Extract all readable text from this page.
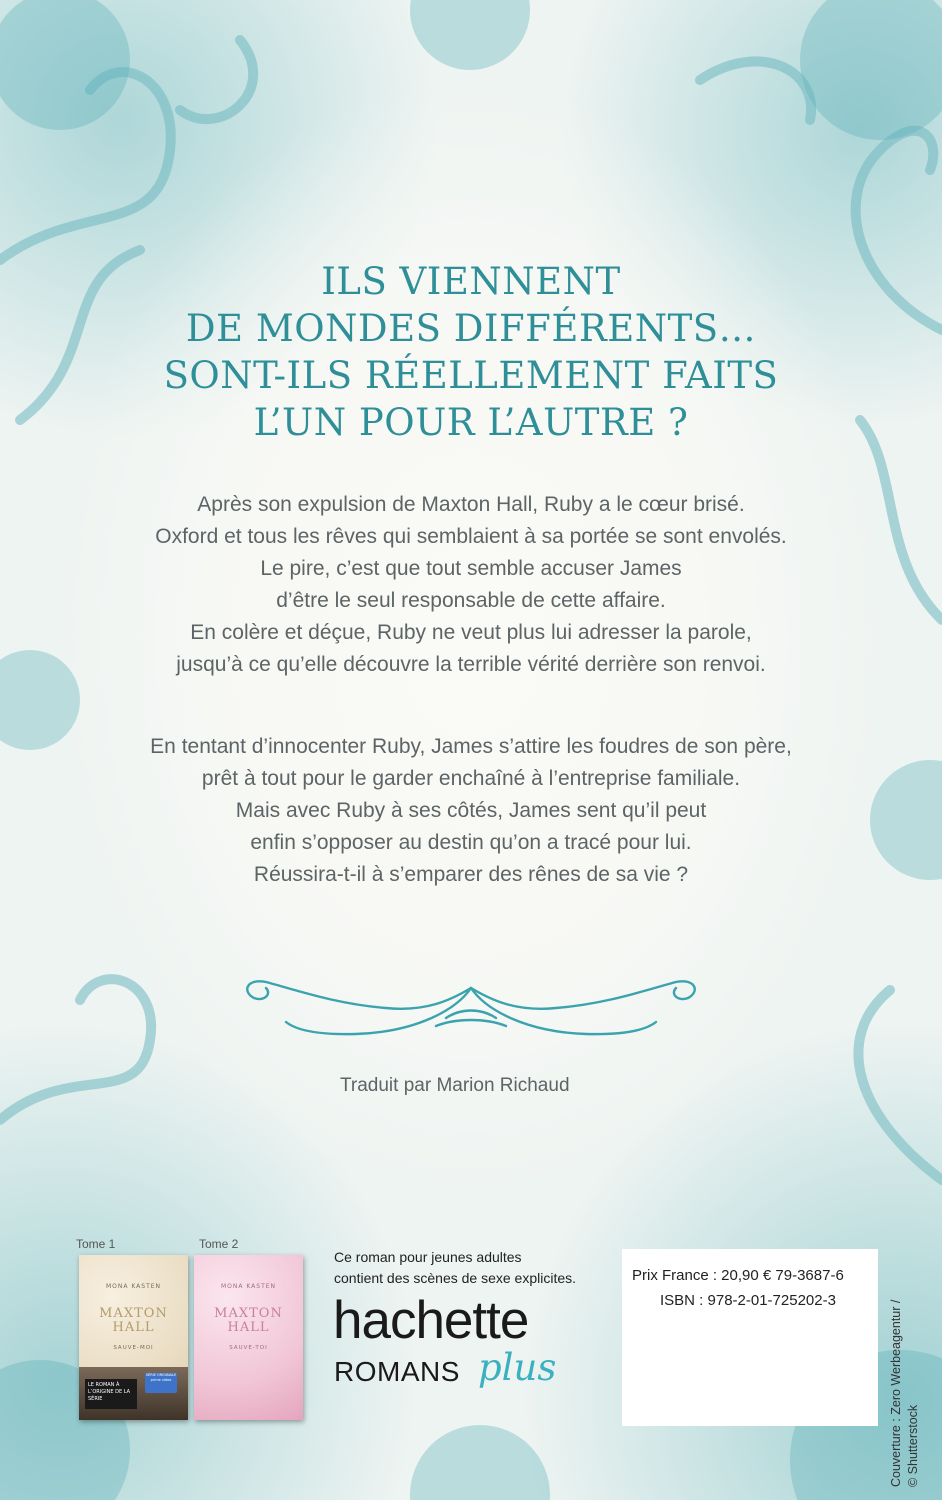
ILS VIENNENT
DE MONDES DIFFÉRENTS…
SONT-ILS RÉELLEMENT FAITS
L’UN POUR L’AUTRE ?
Après son expulsion de Maxton Hall, Ruby a le cœur brisé.
Oxford et tous les rêves qui semblaient à sa portée se sont envolés.
Le pire, c’est que tout semble accuser James
d’être le seul responsable de cette affaire.
En colère et déçue, Ruby ne veut plus lui adresser la parole,
jusqu’à ce qu’elle découvre la terrible vérité derrière son renvoi.
En tentant d’innocenter Ruby, James s’attire les foudres de son père,
prêt à tout pour le garder enchaîné à l’entreprise familiale.
Mais avec Ruby à ses côtés, James sent qu’il peut
enfin s’opposer au destin qu’on a tracé pour lui.
Réussira-t-il à s’emparer des rênes de sa vie ?
Traduit par Marion Richaud
Tome 1
MONA KASTEN
MAXTON
HALL
SAUVE-MOI
LE ROMAN À L’ORIGINE DE LA SÉRIE
SÉRIE ORIGINALE prime video
Tome 2
MONA KASTEN
MAXTON
HALL
SAUVE-TOI
Ce roman pour jeunes adultes
contient des scènes de sexe explicites.
hachette
ROMANS plus
Prix France : 20,90 € 79-3687-6
ISBN : 978-2-01-725202-3	Couverture : Zero Werbeagentur / © Shutterstock
